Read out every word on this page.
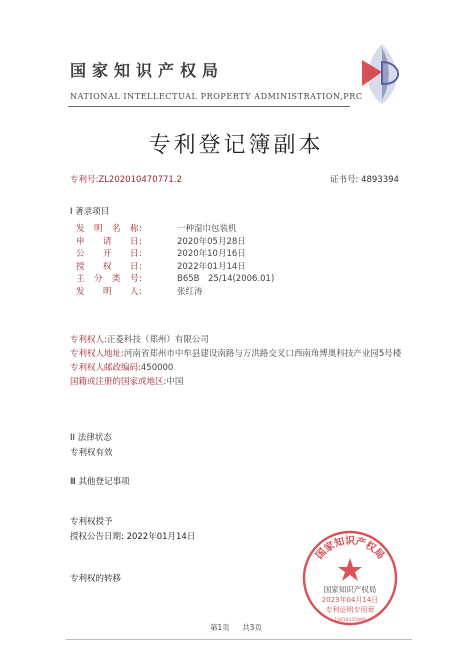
国家知识产权局
NATIONAL INTELLECTUAL PROPERTY ADMINISTRATION,PRC
专利登记簿副本
专利号:ZL202010470771.2	证书号: 4893394
I 著录项目
发　明　名　称:	一种湿巾包装机
申　　请　　日:	2020年05月28日
公　　开　　日:	2020年10月16日
授　　权　　日:	2022年01月14日
主　分　类　号:	B65B　25/14(2006.01)
发　　明　　人:	张红涛
专利权人:正菱科技（郑州）有限公司
专利权人地址:河南省郑州市中牟县建设南路与万洪路交叉口西南角博奥科技产业园5号楼
专利权人邮政编码:450000
国籍或注册的国家或地区:中国
II 法律状态
专利权有效
Ⅲ 其他登记事项
专利权授予
授权公告日期: 2022年01月14日
专利权的转移
国家知识产权局
国家知识产权局
2023年04月14日
专利证明专用章
10818135899
第1页 共3页
